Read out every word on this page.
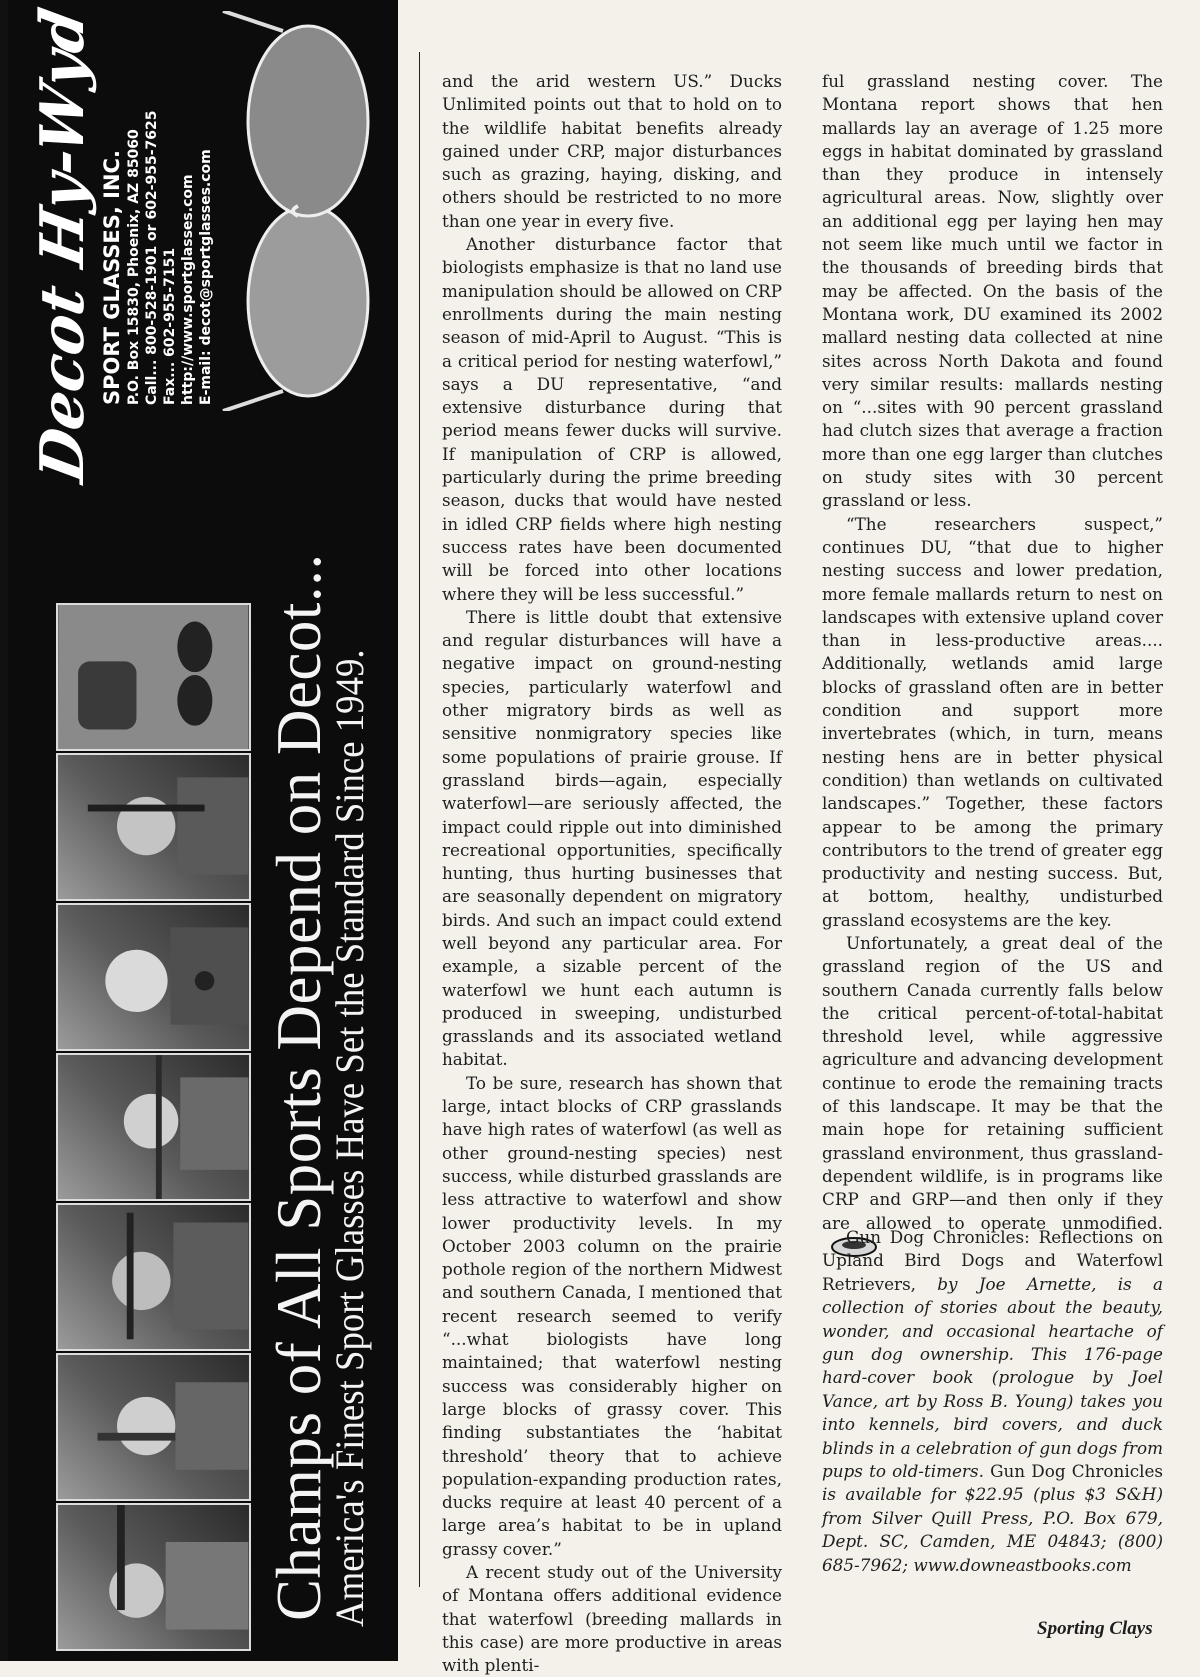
Champs of All Sports Depend on Decot...
America's Finest Sport Glasses Have Set the Standard Since 1949.
Decot Hy-Wyd SPORT GLASSES, INC. P.O. Box 15830, Phoenix, AZ 85060 Call... 800-528-1901 or 602-955-7625 Fax... 602-955-7151 http://www.sportglasses.com E-mail: decot@sportglasses.com

and the arid western US.” Ducks Unlimited points out that to hold on to the wildlife habitat benefits already gained under CRP, major disturbances such as grazing, haying, disking, and others should be restricted to no more than one year in every five.

Another disturbance factor that biologists emphasize is that no land use manipulation should be allowed on CRP enrollments during the main nesting season of mid-April to August. “This is a critical period for nesting waterfowl,” says a DU representative, “and extensive disturbance during that period means fewer ducks will survive. If manipulation of CRP is allowed, particularly during the prime breeding season, ducks that would have nested in idled CRP fields where high nesting success rates have been documented will be forced into other locations where they will be less successful.”

There is little doubt that extensive and regular disturbances will have a negative impact on ground-nesting species, particularly waterfowl and other migratory birds as well as sensitive nonmigratory species like some populations of prairie grouse. If grassland birds—again, especially waterfowl—are seriously affected, the impact could ripple out into diminished recreational opportunities, specifically hunting, thus hurting businesses that are seasonally dependent on migratory birds. And such an impact could extend well beyond any particular area. For example, a sizable percent of the waterfowl we hunt each autumn is produced in sweeping, undisturbed grasslands and its associated wetland habitat.

To be sure, research has shown that large, intact blocks of CRP grasslands have high rates of waterfowl (as well as other ground-nesting species) nest success, while disturbed grasslands are less attractive to waterfowl and show lower productivity levels. In my October 2003 column on the prairie pothole region of the northern Midwest and southern Canada, I mentioned that recent research seemed to verify “...what biologists have long maintained; that waterfowl nesting success was considerably higher on large blocks of grassy cover. This finding substantiates the ‘habitat threshold’ theory that to achieve population-expanding production rates, ducks require at least 40 percent of a large area’s habitat to be in upland grassy cover.”

A recent study out of the University of Montana offers additional evidence that waterfowl (breeding mallards in this case) are more productive in areas with plenti-

ful grassland nesting cover. The Montana report shows that hen mallards lay an average of 1.25 more eggs in habitat dominated by grassland than they produce in intensely agricultural areas. Now, slightly over an additional egg per laying hen may not seem like much until we factor in the thousands of breeding birds that may be affected. On the basis of the Montana work, DU examined its 2002 mallard nesting data collected at nine sites across North Dakota and found very similar results: mallards nesting on “...sites with 90 percent grassland had clutch sizes that average a fraction more than one egg larger than clutches on study sites with 30 percent grassland or less.

“The researchers suspect,” continues DU, “that due to higher nesting success and lower predation, more female mallards return to nest on landscapes with extensive upland cover than in less-productive areas.... Additionally, wetlands amid large blocks of grassland often are in better condition and support more invertebrates (which, in turn, means nesting hens are in better physical condition) than wetlands on cultivated landscapes.” Together, these factors appear to be among the primary contributors to the trend of greater egg productivity and nesting success. But, at bottom, healthy, undisturbed grassland ecosystems are the key.

Unfortunately, a great deal of the grassland region of the US and southern Canada currently falls below the critical percent-of-total-habitat threshold level, while aggressive agriculture and advancing development continue to erode the remaining tracts of this landscape. It may be that the main hope for retaining sufficient grassland environment, thus grassland-dependent wildlife, is in programs like CRP and GRP—and then only if they are allowed to operate unmodified.

Gun Dog Chronicles: Reflections on Upland Bird Dogs and Waterfowl Retrievers, by Joe Arnette, is a collection of stories about the beauty, wonder, and occasional heartache of gun dog ownership. This 176-page hard-cover book (prologue by Joel Vance, art by Ross B. Young) takes you into kennels, bird covers, and duck blinds in a celebration of gun dogs from pups to old-timers. Gun Dog Chronicles is available for $22.95 (plus $3 S&H) from Silver Quill Press, P.O. Box 679, Dept. SC, Camden, ME 04843; (800) 685-7962; www.downeastbooks.com
Sporting Clays
